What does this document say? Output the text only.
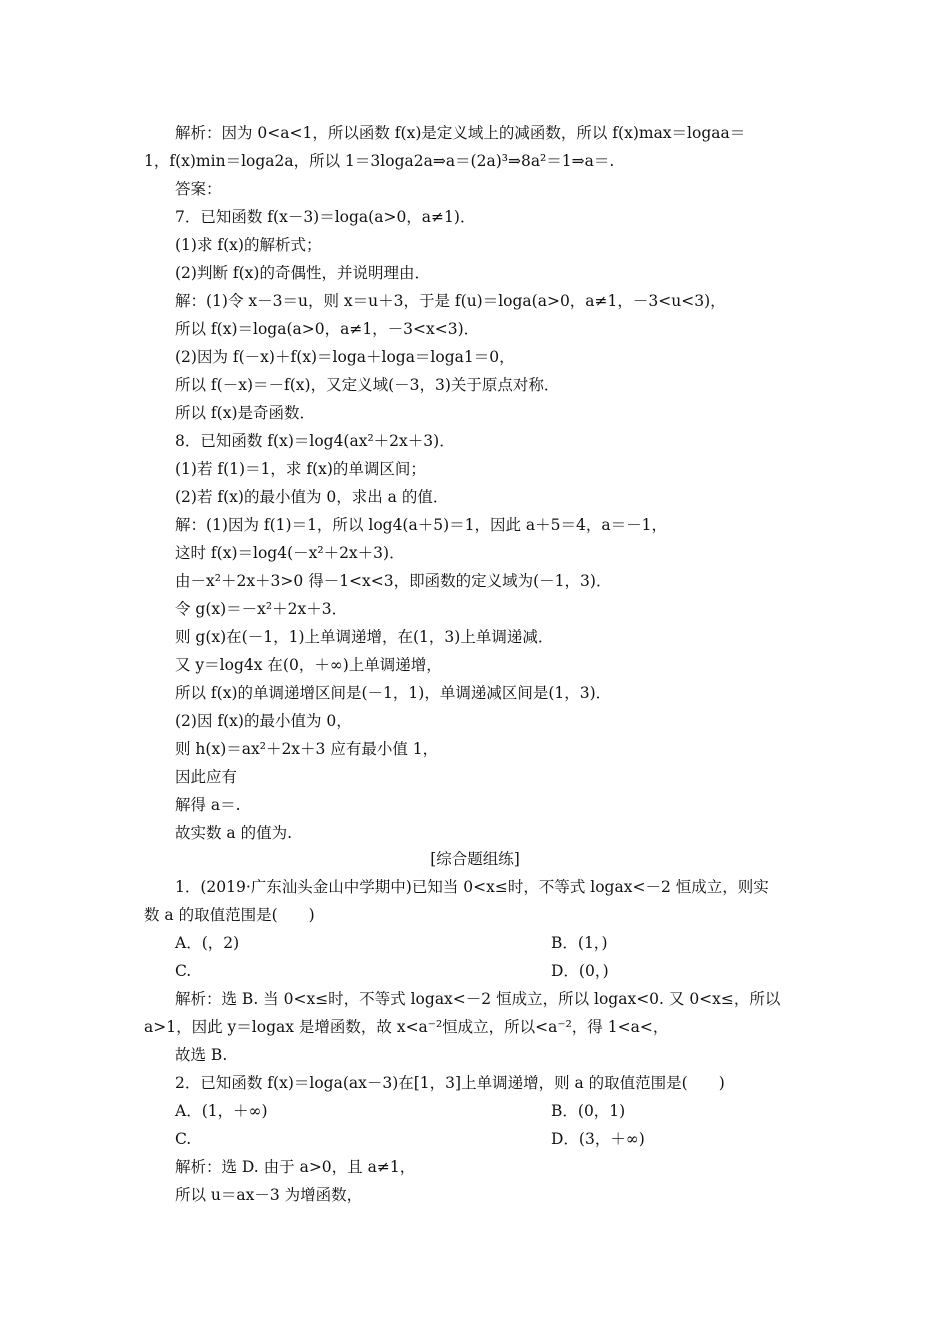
解析：因为 0<a<1，所以函数 f(x)是定义域上的减函数，所以 f(x)max＝logaa＝
1，f(x)min＝loga2a，所以 1＝3loga2a⇒a＝(2a)³⇒8a²＝1⇒a＝.
答案：
7．已知函数 f(x－3)＝loga(a>0，a≠1)．
(1)求 f(x)的解析式；
(2)判断 f(x)的奇偶性，并说明理由．
解：(1)令 x－3＝u，则 x＝u＋3，于是 f(u)＝loga(a>0，a≠1，－3<u<3)，
所以 f(x)＝loga(a>0，a≠1，－3<x<3)．
(2)因为 f(－x)＋f(x)＝loga＋loga＝loga1＝0，
所以 f(－x)＝－f(x)，又定义域(－3，3)关于原点对称．
所以 f(x)是奇函数．
8．已知函数 f(x)＝log4(ax²＋2x＋3)．
(1)若 f(1)＝1，求 f(x)的单调区间；
(2)若 f(x)的最小值为 0，求出 a 的值．
解：(1)因为 f(1)＝1，所以 log4(a＋5)＝1，因此 a＋5＝4，a＝－1，
这时 f(x)＝log4(－x²＋2x＋3)．
由－x²＋2x＋3>0 得－1<x<3，即函数的定义域为(－1，3)．
令 g(x)＝－x²＋2x＋3．
则 g(x)在(－1，1)上单调递增，在(1，3)上单调递减．
又 y＝log4x 在(0，＋∞)上单调递增，
所以 f(x)的单调递增区间是(－1，1)，单调递减区间是(1，3)．
(2)因 f(x)的最小值为 0，
则 h(x)＝ax²＋2x＋3 应有最小值 1，
因此应有
解得 a＝.
故实数 a 的值为.
[综合题组练]
1．(2019·广东汕头金山中学期中)已知当 0<x≤时，不等式 logax<－2 恒成立，则实
数 a 的取值范围是(　　)
A．(，2)	B．(1，)
C.	D．(0，)
解析：选 B. 当 0<x≤时，不等式 logax<－2 恒成立，所以 logax<0. 又 0<x≤，所以
a>1，因此 y＝logax 是增函数，故 x<a⁻²恒成立，所以<a⁻²，得 1<a<，
故选 B.
2．已知函数 f(x)＝loga(ax－3)在[1，3]上单调递增，则 a 的取值范围是(　　)
A．(1，＋∞)	B．(0，1)
C.	D．(3，＋∞)
解析：选 D. 由于 a>0，且 a≠1，
所以 u＝ax－3 为增函数，
